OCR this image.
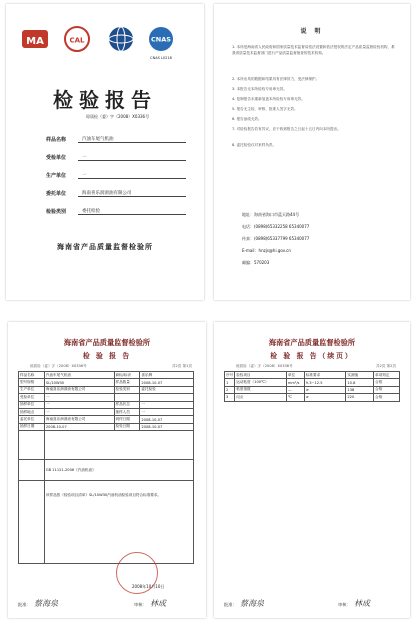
MA	CAL	CNAS
CNAS L0218
检验报告
琼质检（委）字（2008）X0336号
样品名称	汽油车尾气机油
受检单位	一
生产单位	一
委托单位	海南喜乐润滑油有限公司
检验类别	委托检验
海南省产品质量监督检验所
说 明
1. 本所是海南省人民政府和国家质量技术监督局依法设置和依法授权的法定产品质量监督检验机构，系我省质量技术监督部门进行产品质量监督抽查的技术机构。
2. 本所出具的数据和结果具有法律效力，受法律保护。
3. 本报告无本所检验专用章无效。
4. 复制报告未重新加盖本所检验专用章无效。
5. 报告无主检、审核、批准人签字无效。
6. 报告涂改无效。
7. 对检验报告若有异议，应于收到报告之日起十五日内向本所提出。
8. 委托检验仅对来样负责。
地址：海南省海口市蓝天路44号
电话：(0898)65332258 65340077
传真：(0898)65337799 65340077
E-mail：hnzjs@hi.gov.cn
邮编：570203
海南省产品质量监督检验所
检 验 报 告
琼质检（委）字（2008）X0336号	共2页 第1页
样品名称	汽油车尾气机油	商标/标识	喜乐牌
型号规格	SL/10W30	样品数量	2008-10-07
生产单位	海南喜乐润滑油有限公司	检验类别	委托检验
受检单位	一		
抽样单位	一	样品状态	一
抽样地点	一	抽样人员	一
委托单位	海南喜乐润滑油有限公司	到样日期	2008-10-07
抽样日期	2008-10-07	检验日期	2008-10-07

	GB 11121-2006《汽油机油》		
	该样品按《检验项目清单》SL/10W30汽油机油检验项目符合标准要求。		
2008年10月10日
批准： 蔡海泉	审核： 林成
海南省产品质量监督检验所
检 验 报 告（续页）
琼质检（委）字（2008）X0336号	共2页 第2页
序号	检验项目	单位	标准要求	实测值	单项判定
1	运动粘度（100℃）	mm²/s	9.3~12.5	10.8	合格
2	粘度指数	—	≥	138	合格
3	闪点	℃	≥	220	合格
批准： 蔡海泉	审核： 林成
